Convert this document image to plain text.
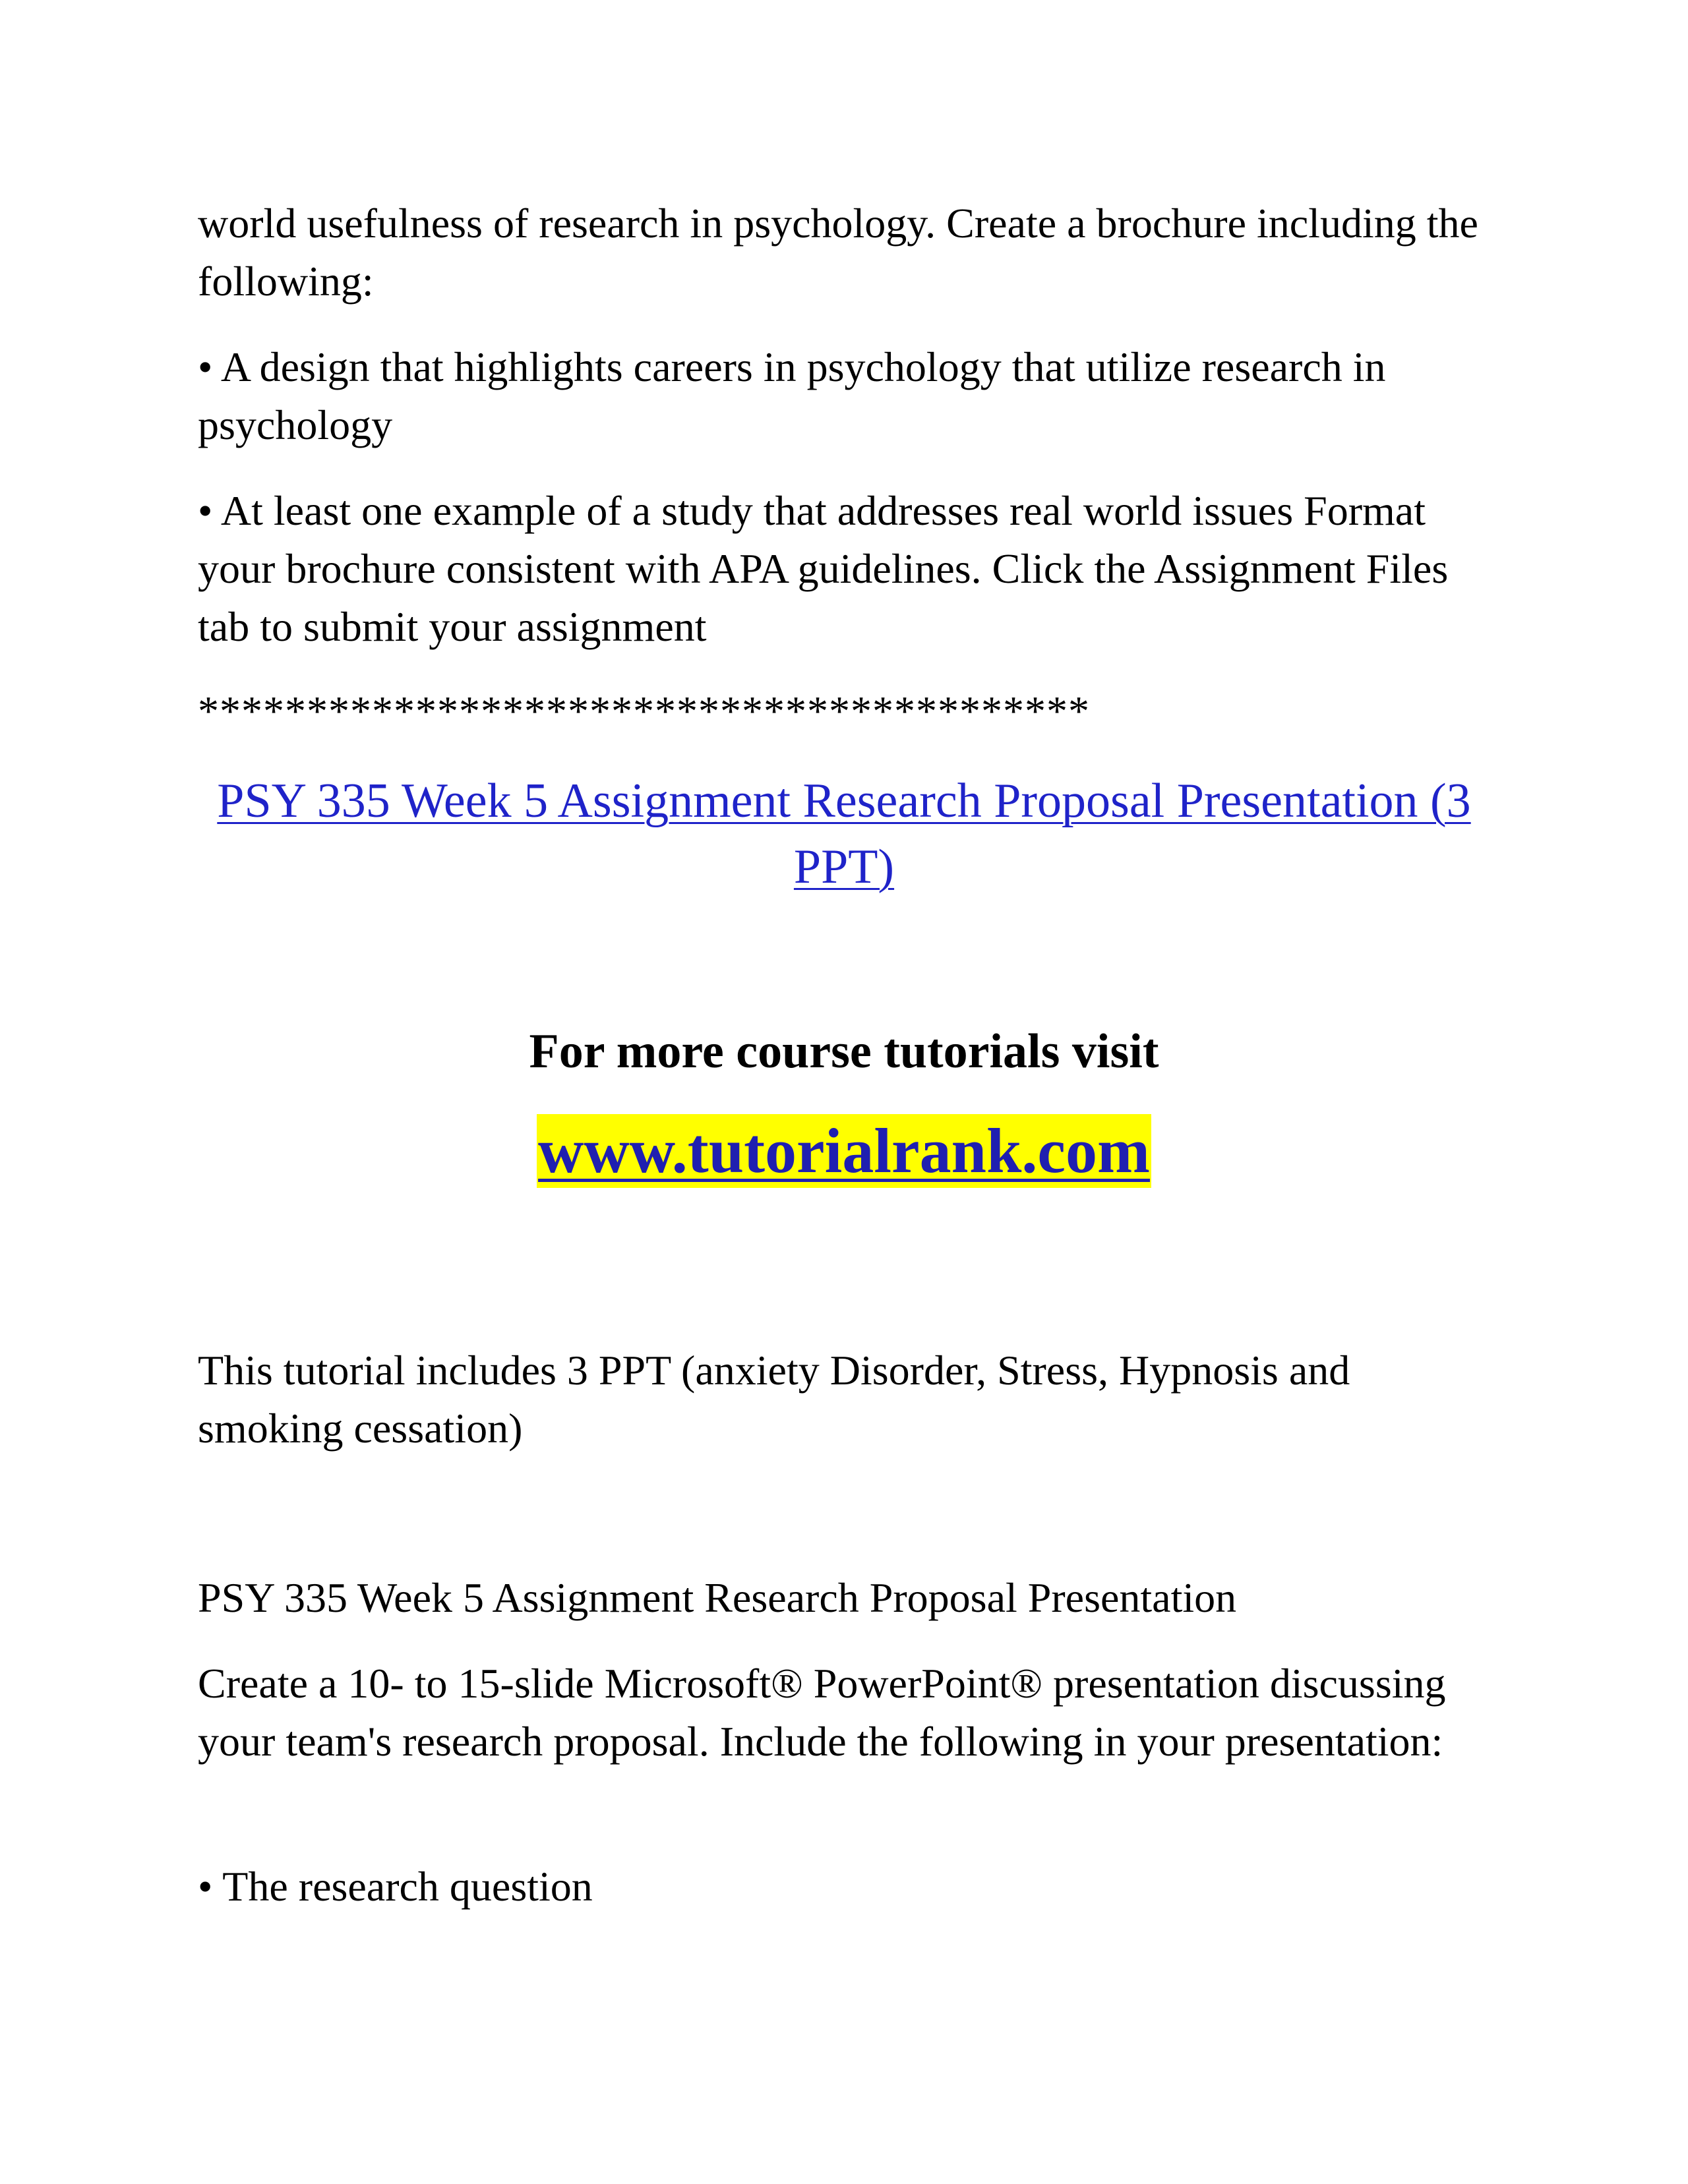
world usefulness of research in psychology. Create a brochure including the following:

• A design that highlights careers in psychology that utilize research in psychology

• At least one example of a study that addresses real world issues Format your brochure consistent with APA guidelines. Click the Assignment Files tab to submit your assignment

*****************************************

PSY 335 Week 5 Assignment Research Proposal Presentation (3 PPT)

For more course tutorials visit

www.tutorialrank.com

This tutorial includes 3 PPT (anxiety Disorder, Stress, Hypnosis and smoking cessation)

PSY 335 Week 5 Assignment Research Proposal Presentation

Create a 10- to 15-slide Microsoft® PowerPoint® presentation discussing your team's research proposal. Include the following in your presentation:

• The research question
